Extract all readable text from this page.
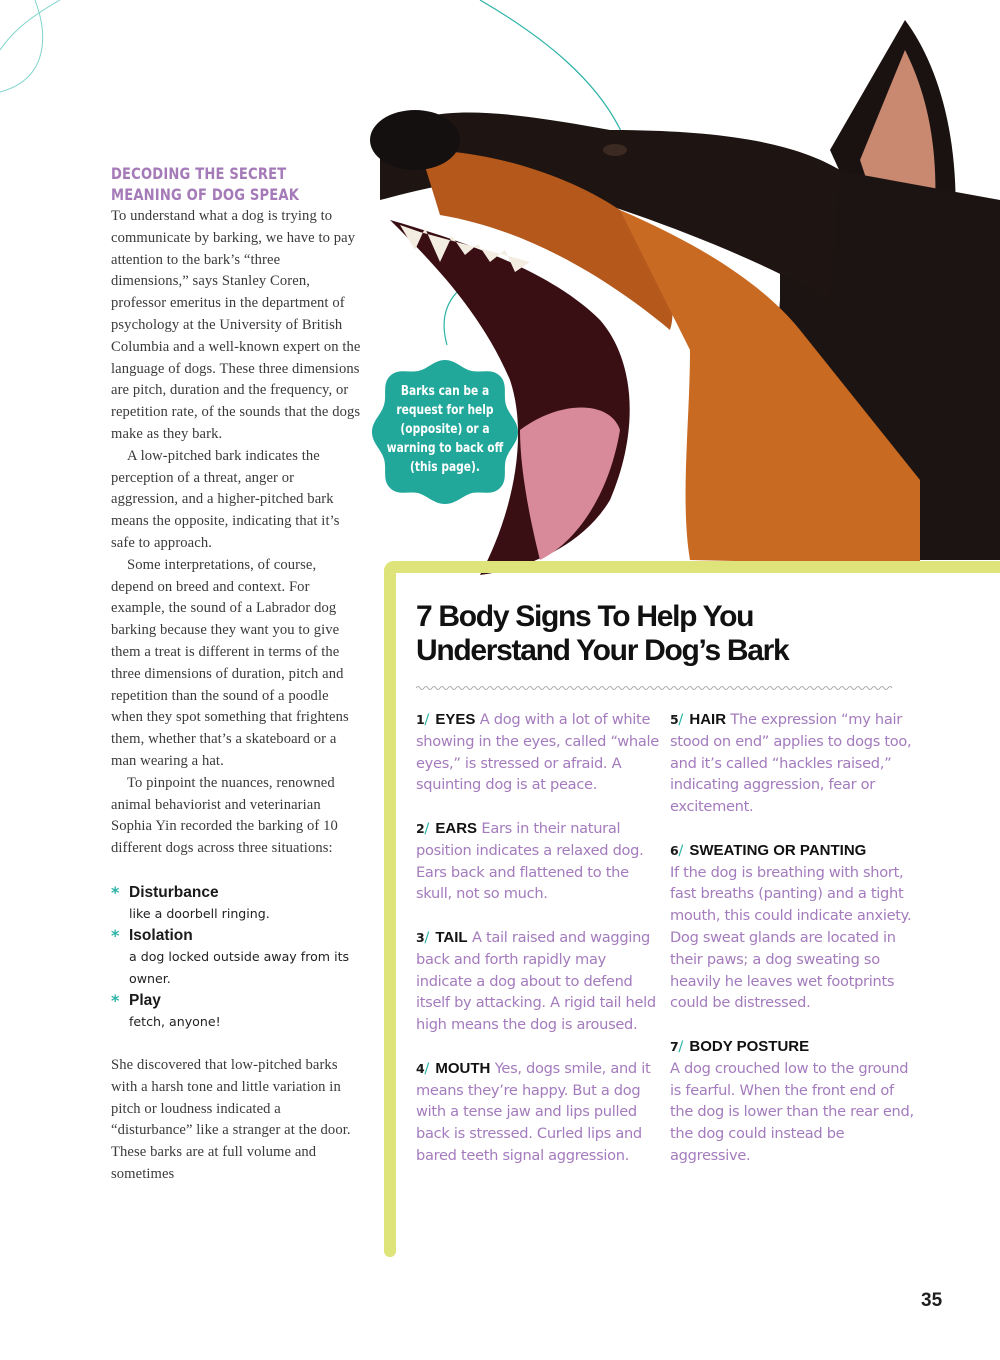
DECODING THE SECRET
MEANING OF DOG SPEAK

To understand what a dog is trying to communicate by barking, we have to pay attention to the bark’s “three dimensions,” says Stanley Coren, professor emeritus in the department of psychology at the University of British Columbia and a well-known expert on the language of dogs. These three dimensions are pitch, duration and the frequency, or repetition rate, of the sounds that the dogs make as they bark.

A low-pitched bark indicates the perception of a threat, anger or aggression, and a higher-pitched bark means the opposite, indicating that it’s safe to approach.

Some interpretations, of course, depend on breed and context. For example, the sound of a Labrador dog barking because they want you to give them a treat is different in terms of the three dimensions of duration, pitch and repetition than the sound of a poodle when they spot something that frightens them, whether that’s a skateboard or a man wearing a hat.

To pinpoint the nuances, renowned animal behaviorist and veterinarian Sophia Yin recorded the barking of 10 different dogs across three situations:

* Disturbance
like a doorbell ringing.
* Isolation
a dog locked outside away from its owner.
* Play
fetch, anyone!

She discovered that low-pitched barks with a harsh tone and little variation in pitch or loudness indicated a “disturbance” like a stranger at the door. These barks are at full volume and sometimes

Barks can be a request for help (opposite) or a warning to back off (this page).
7 Body Signs To Help You
Understand Your Dog’s Bark
1/ EYES A dog with a lot of white showing in the eyes, called “whale eyes,” is stressed or afraid. A squinting dog is at peace.
2/ EARS Ears in their natural position indicates a relaxed dog. Ears back and flattened to the skull, not so much.
3/ TAIL A tail raised and wagging back and forth rapidly may indicate a dog about to defend itself by attacking. A rigid tail held high means the dog is aroused.
4/ MOUTH Yes, dogs smile, and it means they’re happy. But a dog with a tense jaw and lips pulled back is stressed. Curled lips and bared teeth signal aggression.
5/ HAIR The expression “my hair stood on end” applies to dogs too, and it’s called “hackles raised,” indicating aggression, fear or excitement.
6/ SWEATING OR PANTING
If the dog is breathing with short, fast breaths (panting) and a tight mouth, this could indicate anxiety. Dog sweat glands are located in their paws; a dog sweating so heavily he leaves wet footprints could be distressed.
7/ BODY POSTURE
A dog crouched low to the ground is fearful. When the front end of the dog is lower than the rear end, the dog could instead be aggressive.
35
